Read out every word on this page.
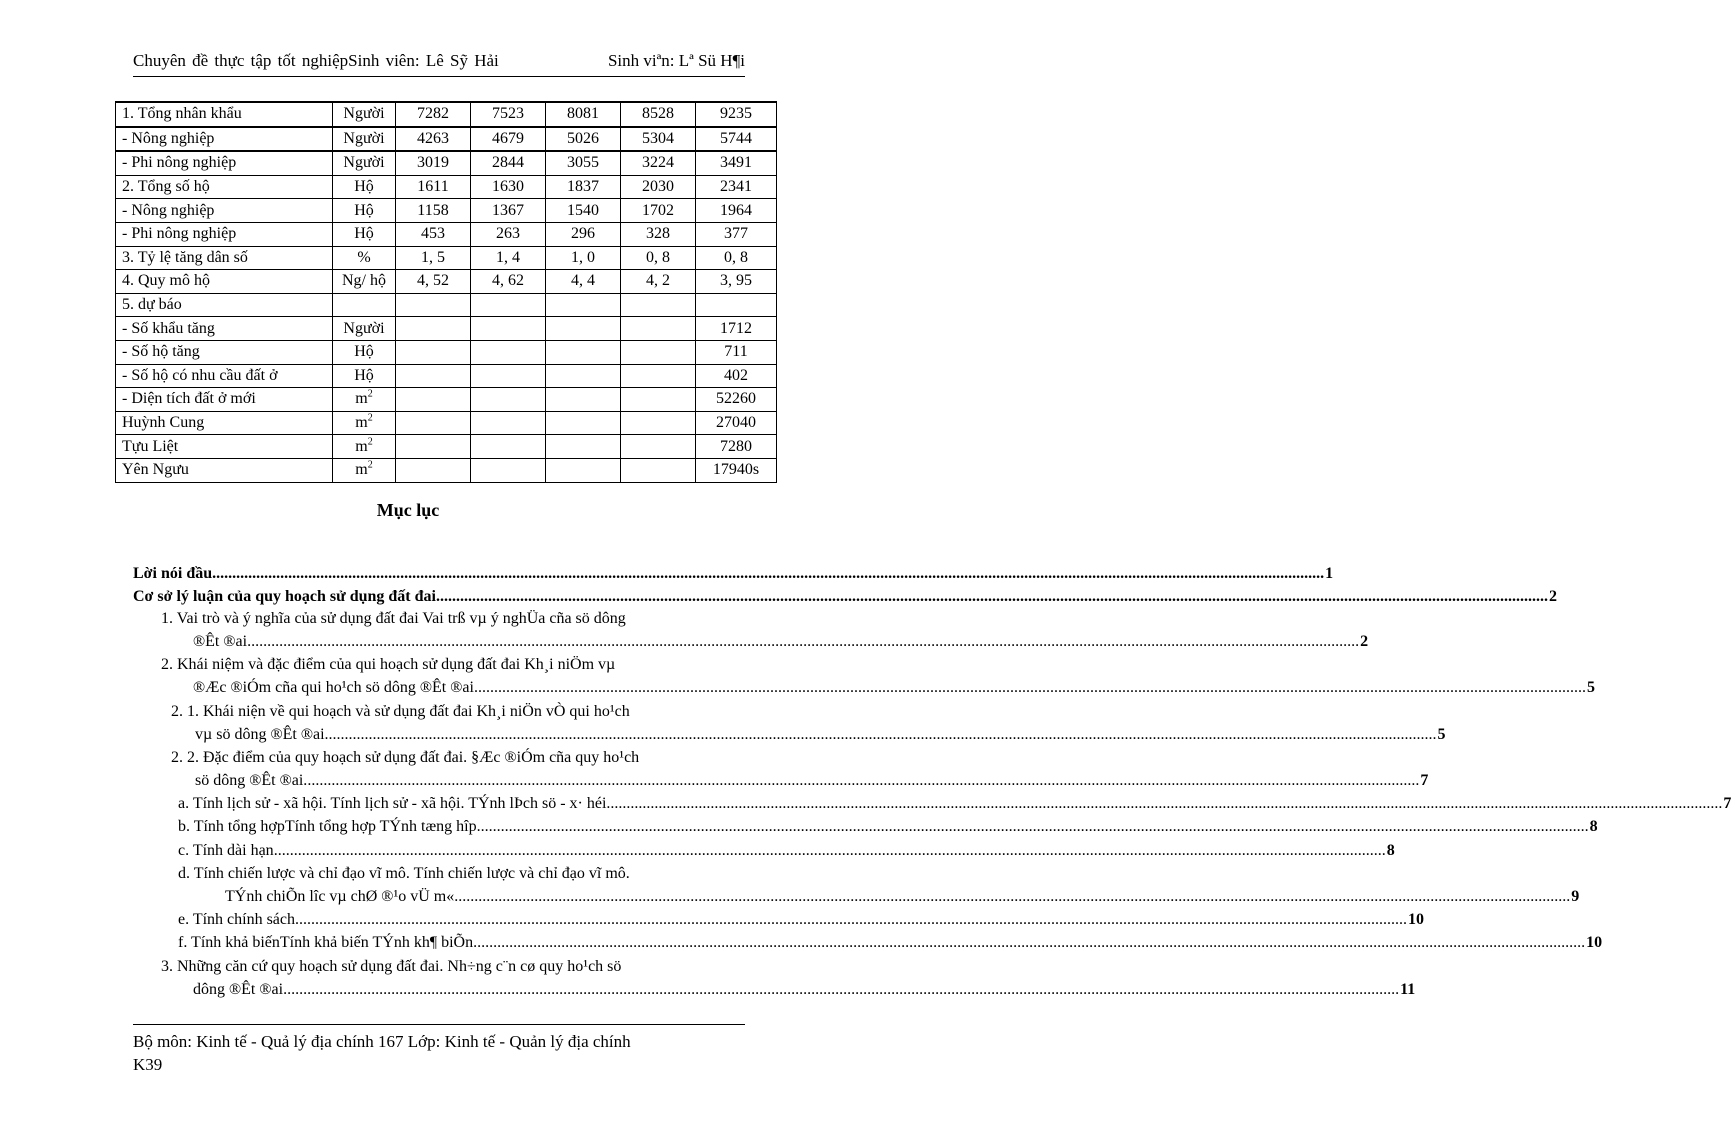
Chuyên đề thực tập tốt nghiệpSinh viên: Lê Sỹ Hải	Sinh viªn: Lª Sü H¶i
1. Tổng nhân khẩu	Người	7282	7523	8081	8528	9235
- Nông nghiệp	Người	4263	4679	5026	5304	5744
- Phi nông nghiệp	Người	3019	2844	3055	3224	3491
2. Tổng số hộ	Hộ	1611	1630	1837	2030	2341
- Nông nghiệp	Hộ	1158	1367	1540	1702	1964
- Phi nông nghiệp	Hộ	453	263	296	328	377
3. Tỷ lệ tăng dân số	%	1, 5	1, 4	1, 0	0, 8	0, 8
4. Quy mô hộ	Ng/ hộ	4, 52	4, 62	4, 4	4, 2	3, 95
5. dự báo						
- Số khẩu tăng	Người					1712
- Số hộ tăng	Hộ					711
- Số hộ có nhu cầu đất ở	Hộ					402
- Diện tích đất ở mới	$m^2$					52260
Huỳnh Cung	$m^2$					27040
Tựu Liệt	$m^2$					7280
Yên Ngưu	$m^2$					17940s
Mục lục
Lời nói đầu .....	1
Cơ sở lý luận của quy hoạch sử dụng đất đai .....	2
1. Vai trò và ý nghĩa của sử dụng đất đai Vai trß vµ ý nghÜa cña sö dông
®Êt ®ai .....	2
2. Khái niệm và đặc điểm của qui hoạch sử dụng đất đai Kh¸i niÖm vµ
®Æc ®iÓm cña qui ho¹ch sö dông ®Êt ®ai .....	5
2. 1. Khái niện về qui hoạch và sử dụng đất đai Kh¸i niÖn vÒ qui ho¹ch
vµ sö dông ®Êt ®ai .....	5
2. 2. Đặc điểm của quy hoạch sử dụng đất đai. §Æc ®iÓm cña quy ho¹ch
sö dông ®Êt ®ai. .....	7
a. Tính lịch sử - xã hội. Tính lịch sử - xã hội. TÝnh lÞch sö - x· héi. .....	7
b. Tính tổng hợpTính tổng hợp TÝnh tæng hîp .....	8
c. Tính dài hạn .....	8
d. Tính chiến lược và chỉ đạo vĩ mô. Tính chiến lược và chỉ đạo vĩ mô.
TÝnh chiÕn lîc vµ chØ ®¹o vÜ m«. .....	9
e. Tính chính sách .....	10
f. Tính khả biếnTính khả biến TÝnh kh¶ biÕn .....	10
3. Những căn cứ quy hoạch sử dụng đất đai. Nh÷ng c¨n cø quy ho¹ch sö
dông ®Êt ®ai. .....	11
Bộ môn: Kinh tế - Quả lý địa chính 167 Lớp: Kinh tế - Quản lý địa chính
K39
